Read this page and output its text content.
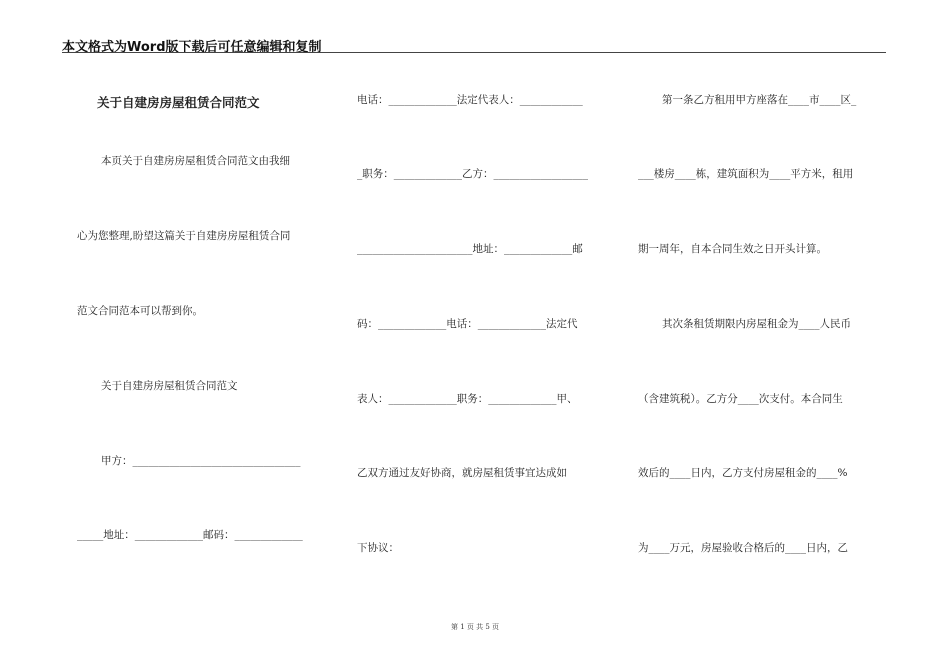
本文格式为Word版下载后可任意编辑和复制
关于自建房房屋租赁合同范文
本页关于自建房房屋租赁合同范文由我细
心为您整理,盼望这篇关于自建房房屋租赁合同
范文合同范本可以帮到你。
关于自建房房屋租赁合同范文
甲方：________________________________
_____地址：_____________邮码：_____________
电话：_____________法定代表人：____________
_职务：_____________乙方：__________________
______________________地址：_____________邮
码：_____________电话：_____________法定代
表人：_____________职务：_____________甲、
乙双方通过友好协商，就房屋租赁事宜达成如
下协议：
第一条乙方租用甲方座落在____市____区_
___楼房____栋，建筑面积为____平方米，租用
期一周年，自本合同生效之日开头计算。
其次条租赁期限内房屋租金为____人民币
（含建筑税）。乙方分____次支付。本合同生
效后的____日内，乙方支付房屋租金的____%
为____万元，房屋验收合格后的____日内，乙
第 1 页 共 5 页
